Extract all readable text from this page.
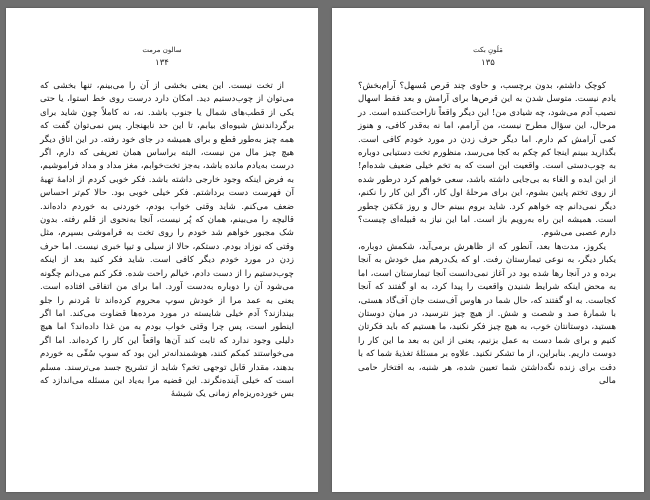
سالون مرمت
۱۳۴

از تخت نیست. این یعنی بخشی از آن را می‌بینم، تنها بخشی که می‌توان از چوب‌دستیم دید. امکان دارد درست روی خط استوا، یا حتی یکی از قطب‌های شمال یا جنوب باشد. نه، نه کاملاً چون شاید برای برگرداندنش شیوه‌ای بیابم، تا این حد نابهنجار. پس نمی‌توان گفت که همه چیز به‌طور قطع و برای همیشه در جای خود رفته. در این اتاق دیگر هیچ چیز مال من نیست، البته براساس همان تعریفی که دارم، اگر درست به‌یادم مانده باشد، به‌جز تخت‌خوابم، مغز مداد و مداد فراموشیم، به فرض اینکه وجود خارجی داشته باشد. فکر خوبی کردم از ادامهٔ تهیهٔ آن فهرست دست برداشتم. فکر خیلی خوبی بود. حالا کم‌تر احساس ضعف می‌کنم. شاید وقتی خواب بودم، خوردنی به خوردم داده‌اند. قالیچه را می‌بینم، همان که پُر نیست، آنجا به‌نحوی از قلم رفته. بدون شک مجبور خواهم شد خودم را روی تخت به فراموشی بسپرم، مثل وقتی که نوزاد بودم. دستکم، حالا از سیلی و تیپا خبری نیست. اما حرف زدن در مورد خودم دیگر کافی است. شاید فکر کنید بعد از اینکه چوب‌دستیم را از دست دادم، خیالم راحت شده. فکر کنم می‌دانم چگونه می‌شود آن را دوباره به‌دست آورد. اما برای من اتفاقی افتاده است. یعنی به عمد مرا از خودش سوپ محروم کرده‌اند تا مُردنم را جلو بیندازند؟ آدم خیلی شایسته‌ در مورد مرده‌ها قضاوت می‌کند. اما اگر اینطور است، پس چرا وقتی خواب بودم به من غذا داده‌اند؟ اما هیچ دلیلی وجود ندارد که ثابت کند آن‌ها واقعاً این کار را کرده‌اند. اما اگر می‌خواستند کمکم کنند، هوشمندانه‌تر این بود که سوپ سُقّی به خوردم بدهند، مقدار قابل توجهی تخم؟ شاید از تشریح جسد می‌ترسند. مسلم است که خیلی آینده‌نگرند. این قضیه مرا به‌یاد این مسئله می‌اندازد که بس خورده‌ریزه‌ام زمانی یک شیشهٔ

مَلَونِ بکت
۱۳۵

کوچک داشتم، بدون برچسب، و حاوی چند قرص مُسهل؟ آرام‌بخش؟ یادم نیست. متوسل شدن به این قرص‌ها برای آرامش و بعد فقط اسهال نصیب آدم می‌شود، چه شیادی من! این دیگر واقعاً ناراحت‌کننده است. در مرحال، این سؤال مطرح نیست، من آرامم، اما نه به‌قدر کافی، و هنوز کمی آرامش کم دارم. اما دیگر حرف زدن در مورد خودم کافی است. بگذارید ببینم اینجا کم چکم به کجا می‌رسد، منظورم تخت دستیابی دوباره به چوب‌دستی است. واقعیت این است که به تخم خیلی ضعیف شده‌ام! از این ایده و الغاء به بی‌جایی داشته باشد، سعی خواهم کرد درطور شده از روی تختم پایین بشوم، این برای مرحلهٔ اول کار، اگر این کار را نکنم، دیگر نمی‌دانم چه خواهم کرد. شاید بروم ببینم حال و روز مَکمَن چطور است. همیشه این راه به‌رویم باز است. اما این نیاز به قبیله‌ای چیست؟ دارم عصبی می‌شوم.

یکروز، مدت‌ها بعد، آنطور که از ظاهرش برمی‌آید، شکمش دوباره، یکبار دیگر، به نوعی تیمارستان رفت. او که یک‌درهم میل خودش به آنجا برده و در آنجا رها شده بود در آغاز نمی‌دانست آنجا تیمارستان است، اما به محض اینکه شرایط شنیدن واقعیت را پیدا کرد، به او گفتند که آنجا کجاست. به او گفتند که، حال شما در هاوس آف‌سنت جان آف‌گاد هستی، با شمارهٔ صد و شصت و شش. از هیچ چیز نترسید، در میان دوستان هستید، دوستانتان خوب، به هیچ چیز فکر نکنید، ما هستیم که باید فکرتان کنیم و برای شما دست به عمل بزنیم، یعنی از این به بعد ما این کار را دوست داریم. بنابراین، از ما تشکر نکنید. علاوه بر مسئلهٔ تغذیهٔ شما که با دقت برای زنده نگه‌داشتن شما تعیین شده، هر شنبه، به افتخار حامی مالی
